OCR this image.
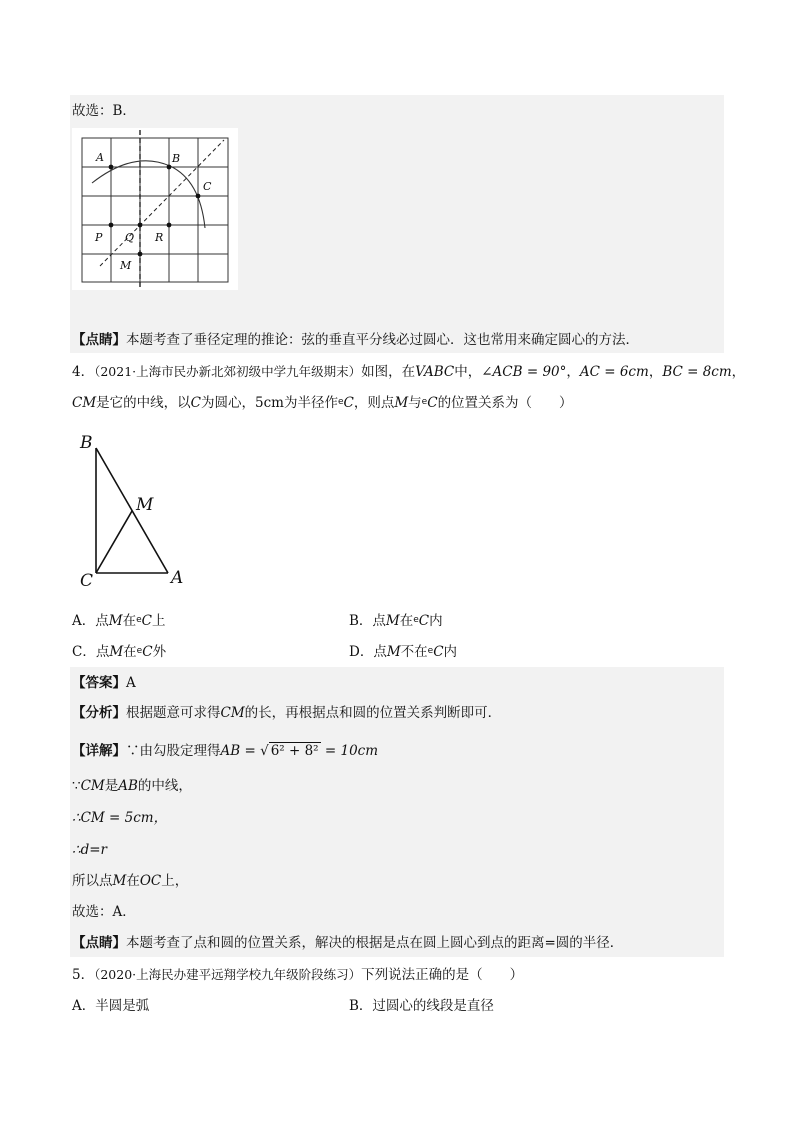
故选：B．
A	B
C
P Q R
M
【点睛】本题考查了垂径定理的推论：弦的垂直平分线必过圆心．这也常用来确定圆心的方法．
4．（2021·上海市民办新北郊初级中学九年级期末）如图，在VABC中，∠ACB = 90°，AC = 6cm，BC = 8cm，
CM是它的中线，以C为圆心，5cm为半径作$^e$C，则点M与$^e$C的位置关系为（　　）
B
M
C	A
A．点M在$^e$C上	B．点M在$^e$C内
C．点M在$^e$C外	D．点M不在$^e$C内
【答案】A
【分析】根据题意可求得CM的长，再根据点和圆的位置关系判断即可．
【详解】∵由勾股定理得AB = √ 6² + 8² = 10cm
∵CM是AB的中线，
∴CM = 5cm，
∴d=r
所以点M在OC上，
故选：A．
【点睛】本题考查了点和圆的位置关系，解决的根据是点在圆上圆心到点的距离=圆的半径．
5．（2020·上海民办建平远翔学校九年级阶段练习）下列说法正确的是（　　）
A．半圆是弧	B．过圆心的线段是直径
